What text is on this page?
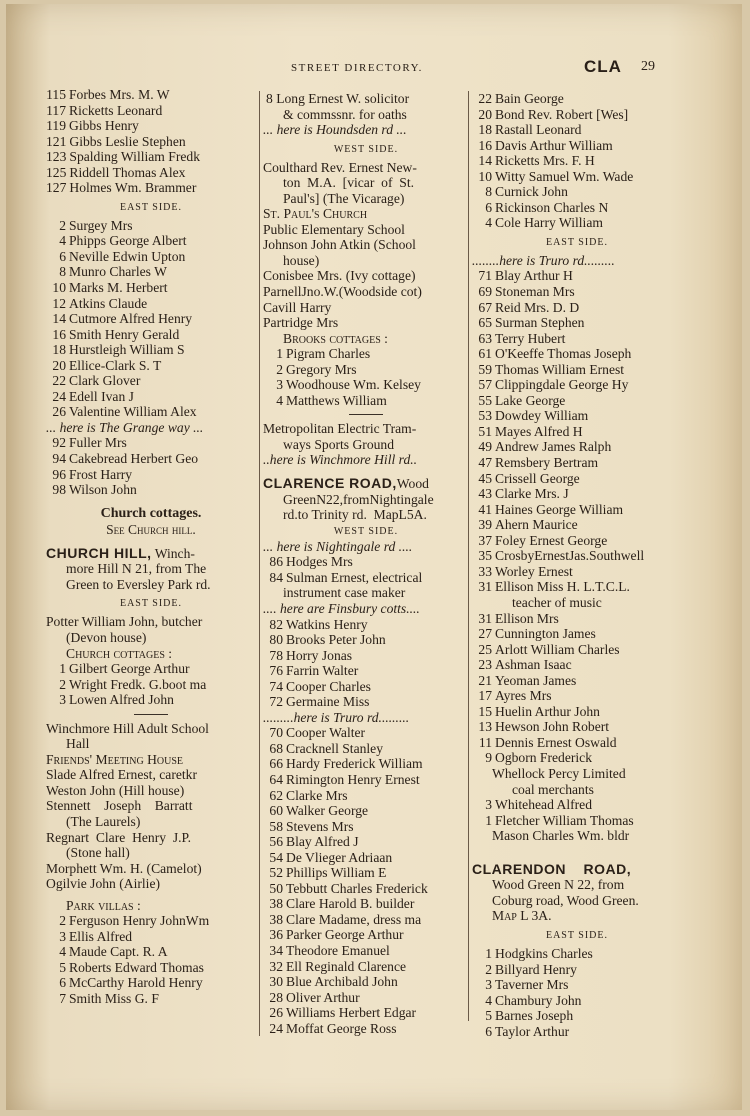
STREET DIRECTORY.	CLA 29
115 Forbes Mrs. M. W
117 Ricketts Leonard
119 Gibbs Henry
121 Gibbs Leslie Stephen
123 Spalding William Fredk
125 Riddell Thomas Alex
127 Holmes Wm. Brammer
EAST SIDE.
2 Surgey Mrs
4 Phipps George Albert
6 Neville Edwin Upton
8 Munro Charles W
10 Marks M. Herbert
12 Atkins Claude
14 Cutmore Alfred Henry
16 Smith Henry Gerald
18 Hurstleigh William S
20 Ellice-Clark S. T
22 Clark Glover
24 Edell Ivan J
26 Valentine William Alex
... here is The Grange way ...
92 Fuller Mrs
94 Cakebread Herbert Geo
96 Frost Harry
98 Wilson John
Church cottages.
See Church hill.
CHURCH HILL, Winch-
more Hill N 21, from The
Green to Eversley Park rd.
EAST SIDE.
Potter William John, butcher
(Devon house)
Church cottages :
1 Gilbert George Arthur
2 Wright Fredk. G.boot ma
3 Lowen Alfred John
Winchmore Hill Adult School
Hall
Friends' Meeting House
Slade Alfred Ernest, caretkr
Weston John (Hill house)
Stennett    Joseph    Barratt
(The Laurels)
Regnart  Clare  Henry  J.P.
(Stone hall)
Morphett Wm. H. (Camelot)
Ogilvie John (Airlie)
Park villas :
2 Ferguson Henry JohnWm
3 Ellis Alfred
4 Maude Capt. R. A
5 Roberts Edward Thomas
6 McCarthy Harold Henry
7 Smith Miss G. F
8 Long Ernest W. solicitor
& commssnr. for oaths
... here is Houndsden rd ...
WEST SIDE.
Coulthard Rev. Ernest New-
ton  M.A.  [vicar  of  St.
Paul's] (The Vicarage)
St. Paul's Church
Public Elementary School
Johnson John Atkin (School
house)
Conisbee Mrs. (Ivy cottage)
ParnellJno.W.(Woodside cot)
Cavill Harry
Partridge Mrs
Brooks cottages :
1 Pigram Charles
2 Gregory Mrs
3 Woodhouse Wm. Kelsey
4 Matthews William
Metropolitan Electric Tram-
ways Sports Ground
..here is Winchmore Hill rd..
CLARENCE ROAD,Wood
GreenN22,fromNightingale
rd.to Trinity rd.  MapL5A.
WEST SIDE.
... here is Nightingale rd ....
86 Hodges Mrs
84 Sulman Ernest, electrical
instrument case maker
.... here are Finsbury cotts....
82 Watkins Henry
80 Brooks Peter John
78 Horry Jonas
76 Farrin Walter
74 Cooper Charles
72 Germaine Miss
.........here is Truro rd.........
70 Cooper Walter
68 Cracknell Stanley
66 Hardy Frederick William
64 Rimington Henry Ernest
62 Clarke Mrs
60 Walker George
58 Stevens Mrs
56 Blay Alfred J
54 De Vlieger Adriaan
52 Phillips William E
50 Tebbutt Charles Frederick
38 Clare Harold B. builder
38 Clare Madame, dress ma
36 Parker George Arthur
34 Theodore Emanuel
32 Ell Reginald Clarence
30 Blue Archibald John
28 Oliver Arthur
26 Williams Herbert Edgar
24 Moffat George Ross
22 Bain George
20 Bond Rev. Robert [Wes]
18 Rastall Leonard
16 Davis Arthur William
14 Ricketts Mrs. F. H
10 Witty Samuel Wm. Wade
8 Curnick John
6 Rickinson Charles N
4 Cole Harry William
EAST SIDE.
........here is Truro rd.........
71 Blay Arthur H
69 Stoneman Mrs
67 Reid Mrs. D. D
65 Surman Stephen
63 Terry Hubert
61 O'Keeffe Thomas Joseph
59 Thomas William Ernest
57 Clippingdale George Hy
55 Lake George
53 Dowdey William
51 Mayes Alfred H
49 Andrew James Ralph
47 Remsbery Bertram
45 Crissell George
43 Clarke Mrs. J
41 Haines George William
39 Ahern Maurice
37 Foley Ernest George
35 CrosbyErnestJas.Southwell
33 Worley Ernest
31 Ellison Miss H. L.T.C.L.
teacher of music
31 Ellison Mrs
27 Cunnington James
25 Arlott William Charles
23 Ashman Isaac
21 Yeoman James
17 Ayres Mrs
15 Huelin Arthur John
13 Hewson John Robert
11 Dennis Ernest Oswald
9 Ogborn Frederick
Whellock Percy Limited
coal merchants
3 Whitehead Alfred
1 Fletcher William Thomas
Mason Charles Wm. bldr
CLARENDON    ROAD,
Wood Green N 22, from
Coburg road, Wood Green.
Map L 3A.
EAST SIDE.
1 Hodgkins Charles
2 Billyard Henry
3 Taverner Mrs
4 Chambury John
5 Barnes Joseph
6 Taylor Arthur
